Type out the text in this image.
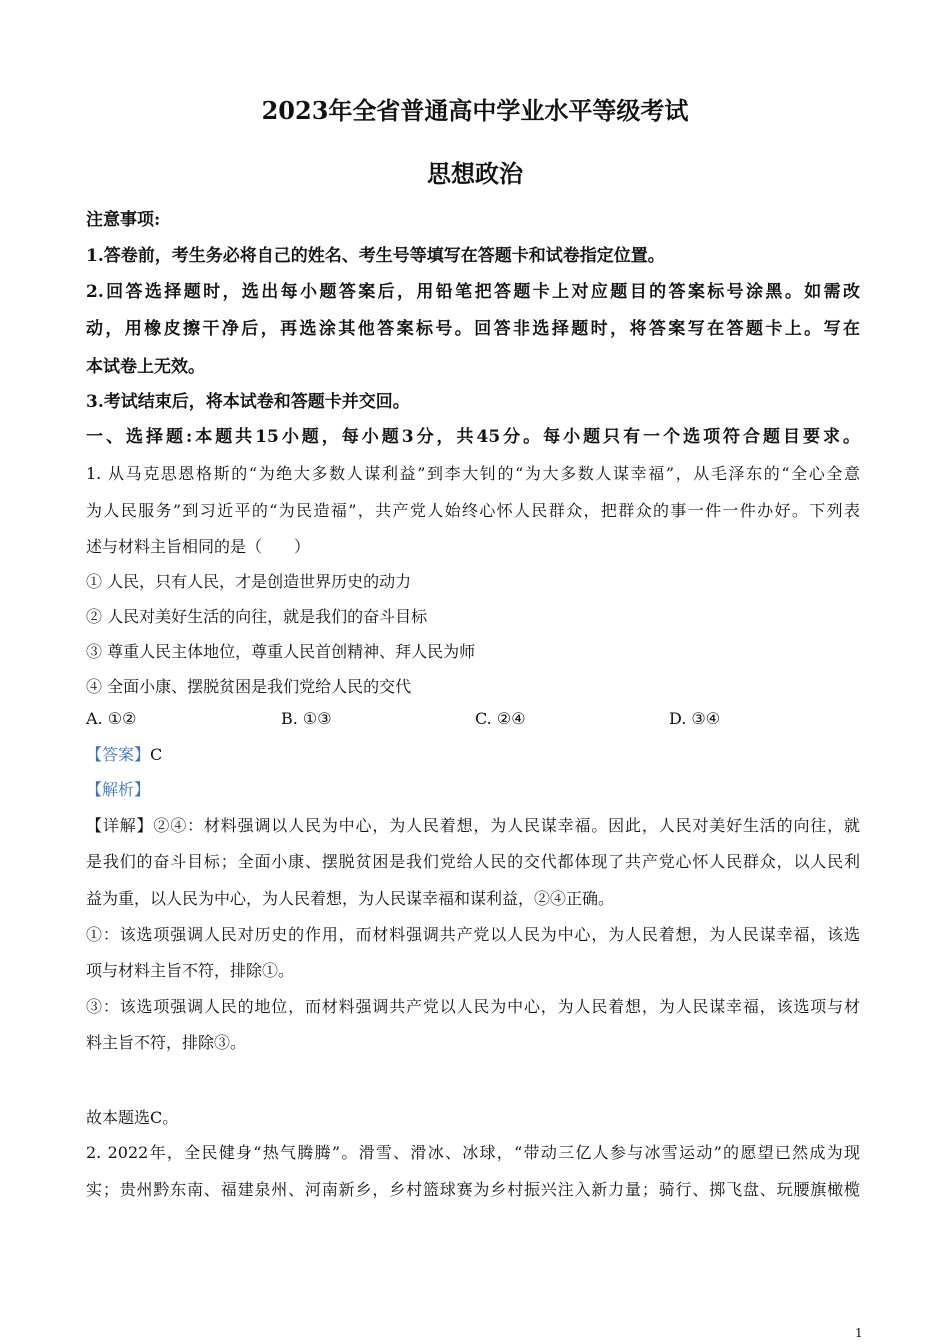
2023年全省普通高中学业水平等级考试
思想政治
注意事项:
1.答卷前，考生务必将自己的姓名、考生号等填写在答题卡和试卷指定位置。
2.回答选择题时，选出每小题答案后，用铅笔把答题卡上对应题目的答案标号涂黑。如需改
动，用橡皮擦干净后，再选涂其他答案标号。回答非选择题时，将答案写在答题卡上。写在
本试卷上无效。
3.考试结束后，将本试卷和答题卡并交回。
一、选择题:本题共15小题，每小题3分，共45分。每小题只有一个选项符合题目要求。
1. 从马克思恩格斯的“为绝大多数人谋利益”到李大钊的“为大多数人谋幸福”，从毛泽东的“全心全意
为人民服务”到习近平的“为民造福”，共产党人始终心怀人民群众，把群众的事一件一件办好。下列表
述与材料主旨相同的是（　　）
① 人民，只有人民，才是创造世界历史的动力
② 人民对美好生活的向往，就是我们的奋斗目标
③ 尊重人民主体地位，尊重人民首创精神、拜人民为师
④ 全面小康、摆脱贫困是我们党给人民的交代
A. ①②	B. ①③	C. ②④	D. ③④
【答案】C
【解析】
【详解】②④：材料强调以人民为中心，为人民着想，为人民谋幸福。因此，人民对美好生活的向往，就
是我们的奋斗目标；全面小康、摆脱贫困是我们党给人民的交代都体现了共产党心怀人民群众，以人民利
益为重，以人民为中心，为人民着想，为人民谋幸福和谋利益，②④正确。
①：该选项强调人民对历史的作用，而材料强调共产党以人民为中心，为人民着想，为人民谋幸福，该选
项与材料主旨不符，排除①。
③：该选项强调人民的地位，而材料强调共产党以人民为中心，为人民着想，为人民谋幸福，该选项与材
料主旨不符，排除③。
故本题选C。
2. 2022年，全民健身“热气腾腾”。滑雪、滑冰、冰球，“带动三亿人参与冰雪运动”的愿望已然成为现
实；贵州黔东南、福建泉州、河南新乡，乡村篮球赛为乡村振兴注入新力量；骑行、掷飞盘、玩腰旗橄榄
1
